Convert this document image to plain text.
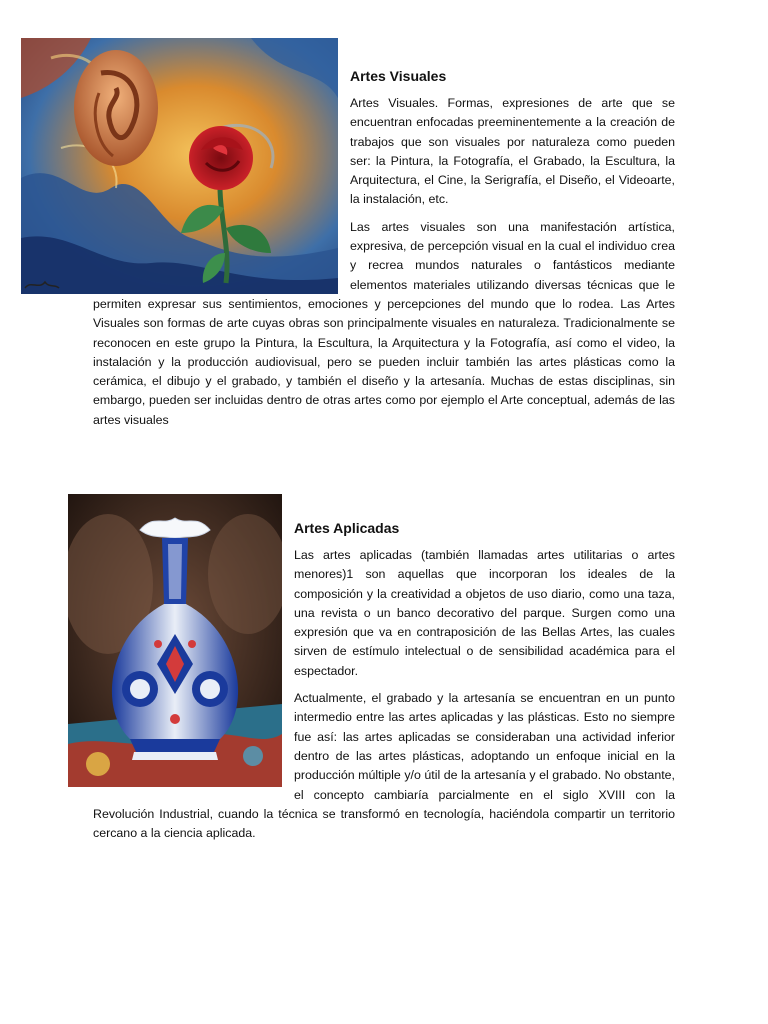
Artes Visuales

Artes Visuales. Formas, expresiones de arte que se encuentran enfocadas preeminentemente a la creación de trabajos que son visuales por naturaleza como pueden ser: la Pintura, la Fotografía, el Grabado, la Escultura, la Arquitectura, el Cine, la Serigrafía, el Diseño, el Videoarte, la instalación, etc.

Las artes visuales son una manifestación artística, expresiva, de percepción visual en la cual el individuo crea y recrea mundos naturales o fantásticos mediante elementos materiales utilizando diversas técnicas que le permiten expresar sus sentimientos, emociones y percepciones del mundo que lo rodea. Las Artes Visuales son formas de arte cuyas obras son principalmente visuales en naturaleza. Tradicionalmente se reconocen en este grupo la Pintura, la Escultura, la Arquitectura y la Fotografía, así como el video, la instalación y la producción audiovisual, pero se pueden incluir también las artes plásticas como la cerámica, el dibujo y el grabado, y también el diseño y la artesanía. Muchas de estas disciplinas, sin embargo, pueden ser incluidas dentro de otras artes como por ejemplo el Arte conceptual, además de las artes visuales

Artes Aplicadas

Las artes aplicadas (también llamadas artes utilitarias o artes menores)1 son aquellas que incorporan los ideales de la composición y la creatividad a objetos de uso diario, como una taza, una revista o un banco decorativo del parque. Surgen como una expresión que va en contraposición de las Bellas Artes, las cuales sirven de estímulo intelectual o de sensibilidad académica para el espectador.

Actualmente, el grabado y la artesanía se encuentran en un punto intermedio entre las artes aplicadas y las plásticas. Esto no siempre fue así: las artes aplicadas se consideraban una actividad inferior dentro de las artes plásticas, adoptando un enfoque inicial en la producción múltiple y/o útil de la artesanía y el grabado. No obstante, el concepto cambiaría parcialmente en el siglo XVIII con la Revolución Industrial, cuando la técnica se transformó en tecnología, haciéndola compartir un territorio cercano a la ciencia aplicada.
